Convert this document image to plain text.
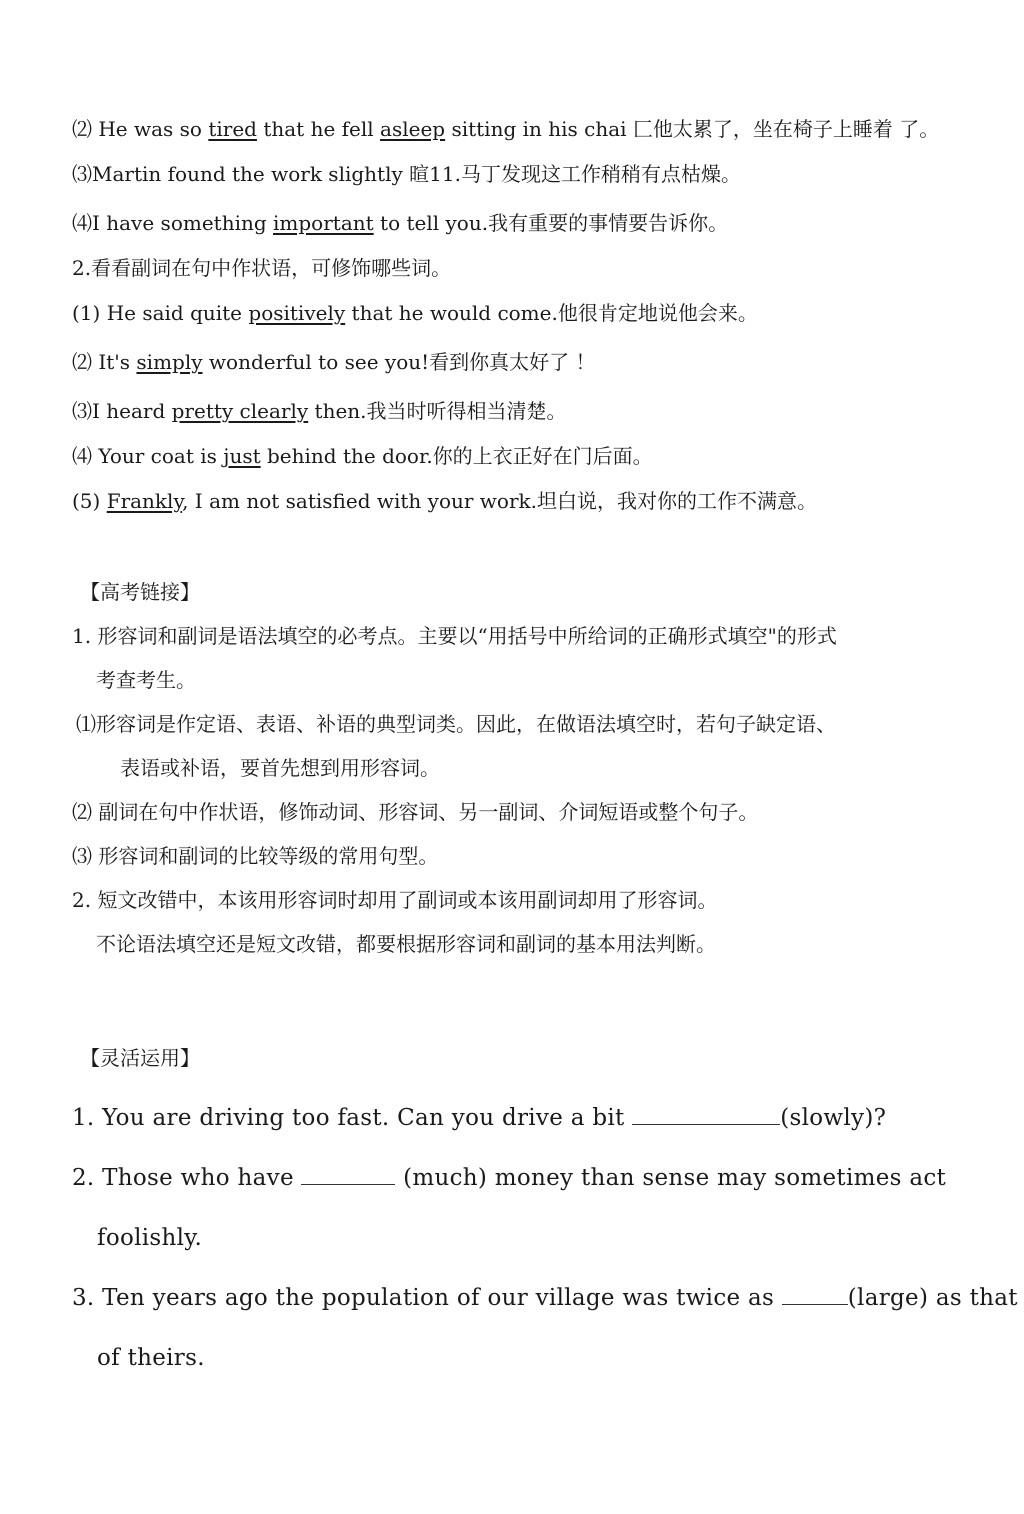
⑵ He was so tired that he fell asleep sitting in his chai 匚他太累了，坐在椅子上睡着 了。
⑶Martin found the work slightly 暄11.马丁发现这工作稍稍有点枯燥。
⑷I have something important to tell you.我有重要的事情要告诉你。
2.看看副词在句中作状语，可修饰哪些词。
(1) He said quite positively that he would come.他很肯定地说他会来。
⑵ It's simply wonderful to see you!看到你真太好了 ！
⑶I heard pretty clearly then.我当时听得相当清楚。
⑷ Your coat is just behind the door.你的上衣正好在门后面。
(5) Frankly, I am not satisfied with your work.坦白说，我对你的工作不满意。
【高考链接】
1. 形容词和副词是语法填空的必考点。主要以“用括号中所给词的正确形式填空"的形式
考查考生。
⑴形容词是作定语、表语、补语的典型词类。因此，在做语法填空时，若句子缺定语、
表语或补语，要首先想到用形容词。
⑵ 副词在句中作状语，修饰动词、形容词、另一副词、介词短语或整个句子。
⑶ 形容词和副词的比较等级的常用句型。
2. 短文改错中，本该用形容词时却用了副词或本该用副词却用了形容词。
不论语法填空还是短文改错，都要根据形容词和副词的基本用法判断。
【灵活运用】
1. You are driving too fast. Can you drive a bit	(slowly)?
2. Those who have	(much) money than sense may sometimes act
foolishly.
3. Ten years ago the population of our village was twice as	(large) as that
of theirs.
